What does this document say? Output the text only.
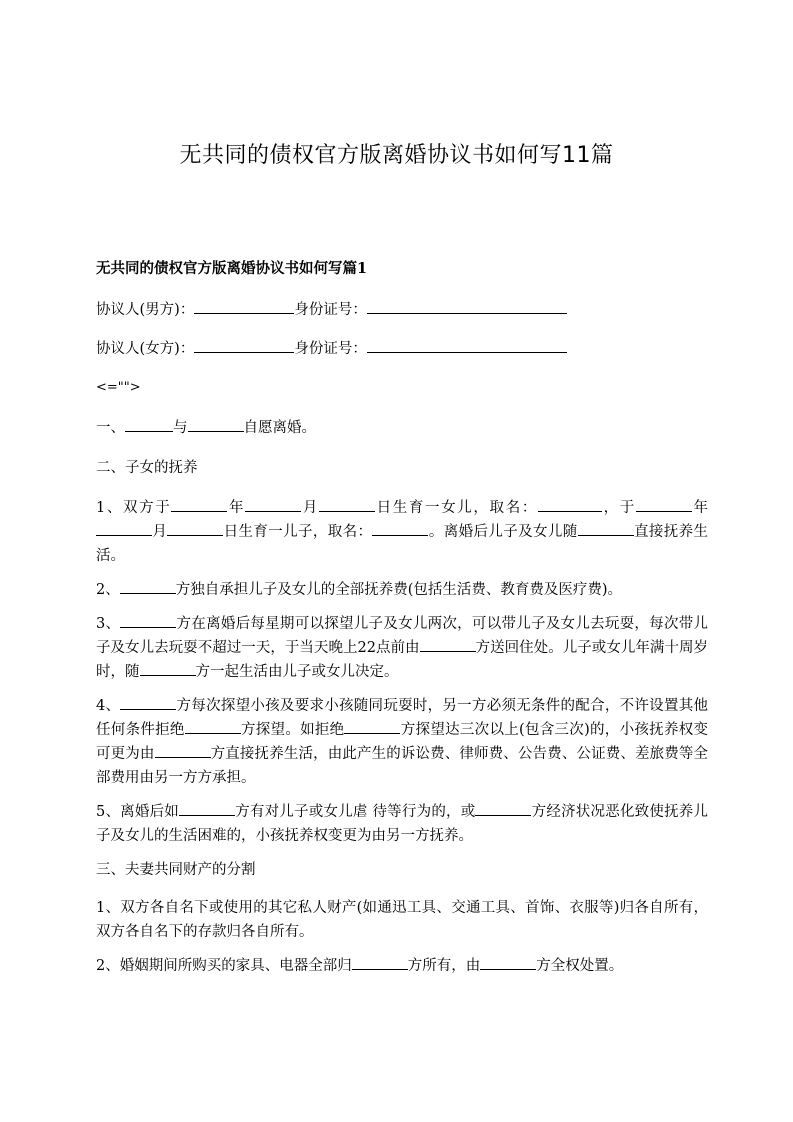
无共同的债权官方版离婚协议书如何写11篇
无共同的债权官方版离婚协议书如何写篇1

协议人(男方)：	身份证号：

协议人(女方)：	身份证号：

<="">

一、	与	自愿离婚。

二、子女的抚养

1、双方于	年	月	日生育一女儿，取名：	，于	年月	日生育一儿子，取名：	。离婚后儿子及女儿随	直接抚养生活。

2、	方独自承担儿子及女儿的全部抚养费(包括生活费、教育费及医疗费)。

3、	方在离婚后每星期可以探望儿子及女儿两次，可以带儿子及女儿去玩耍，每次带儿子及女儿去玩耍不超过一天，于当天晚上22点前由	方送回住处。儿子或女儿年满十周岁时，随	方一起生活由儿子或女儿决定。

4、	方每次探望小孩及要求小孩随同玩耍时，另一方必须无条件的配合，不许设置其他任何条件拒绝	方探望。如拒绝	方探望达三次以上(包含三次)的，小孩抚养权变可更为由	方直接抚养生活，由此产生的诉讼费、律师费、公告费、公证费、差旅费等全部费用由另一方方承担。

5、离婚后如	方有对儿子或女儿虐 待等行为的，或	方经济状况恶化致使抚养儿子及女儿的生活困难的，小孩抚养权变更为由另一方抚养。

三、夫妻共同财产的分割

1、双方各自名下或使用的其它私人财产(如通迅工具、交通工具、首饰、衣服等)归各自所有，双方各自名下的存款归各自所有。

2、婚姻期间所购买的家具、电器全部归	方所有，由	方全权处置。
